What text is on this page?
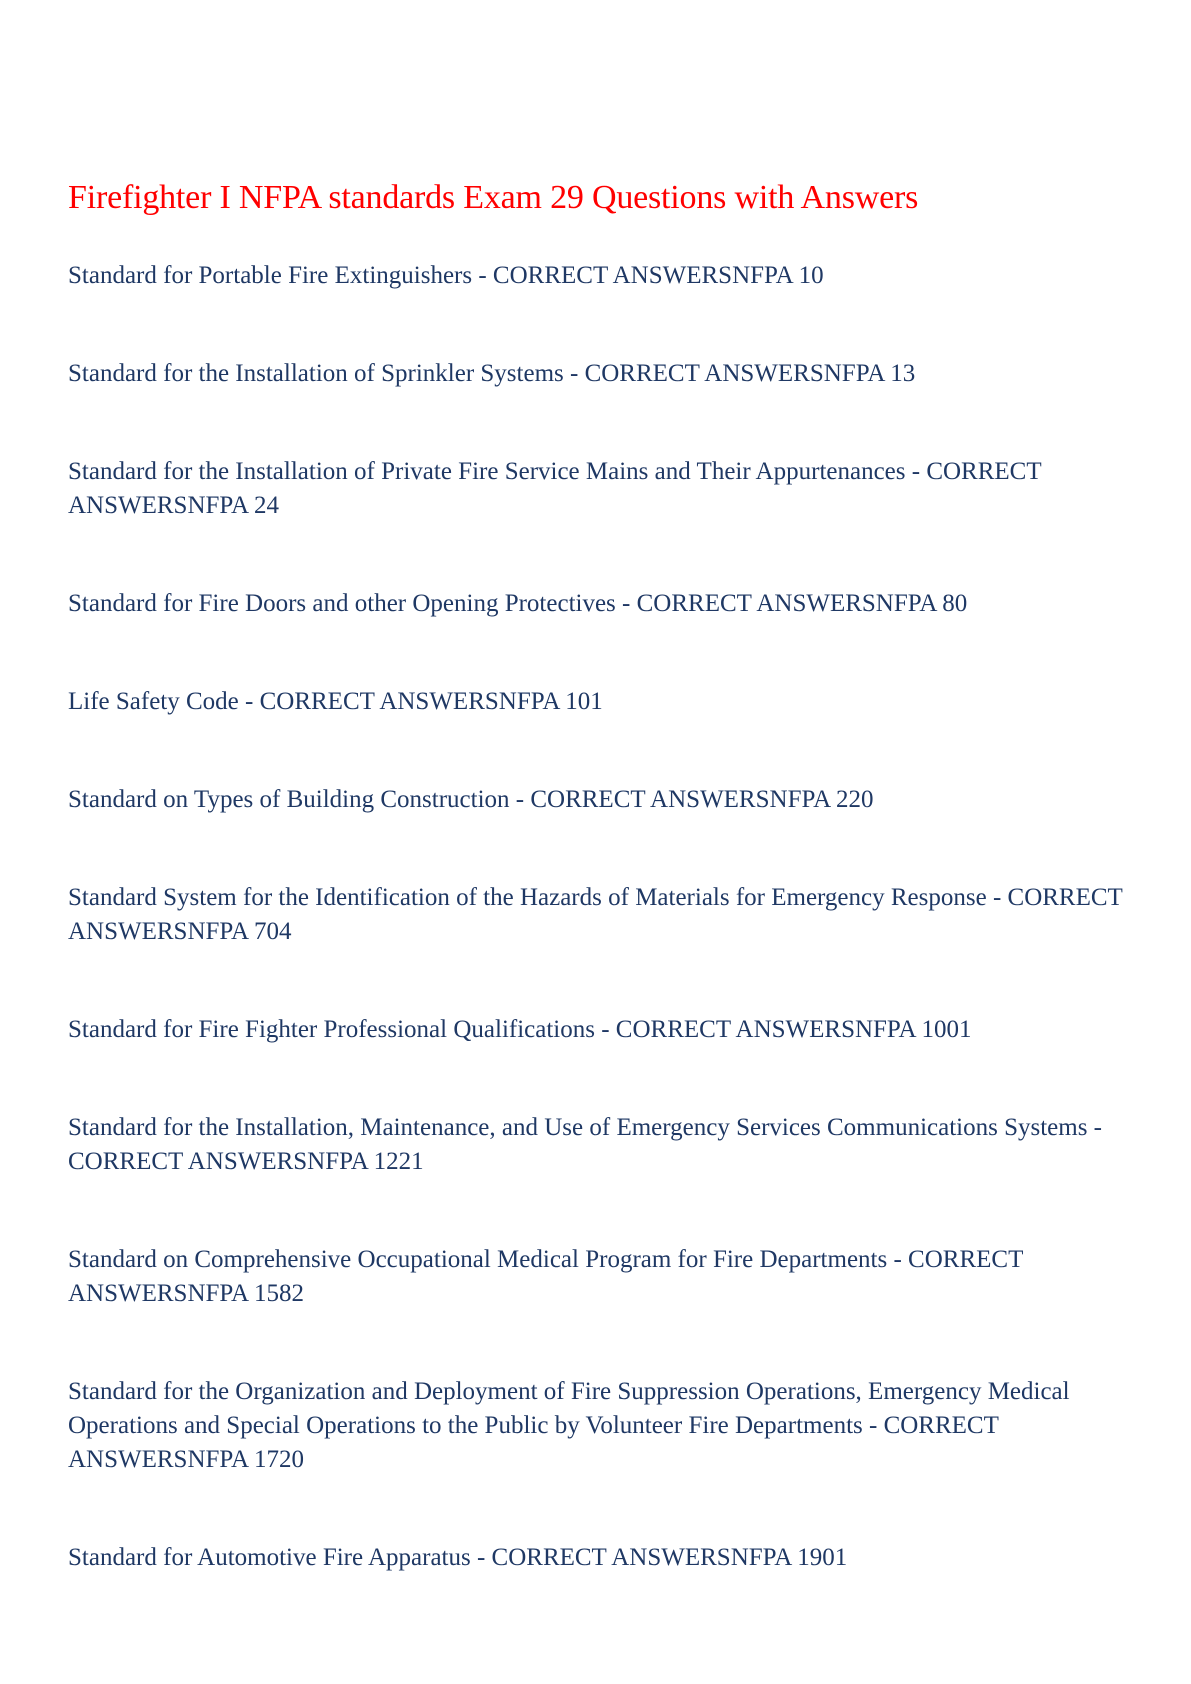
Firefighter I NFPA standards Exam 29 Questions with Answers
Standard for Portable Fire Extinguishers - CORRECT ANSWERSNFPA 10
Standard for the Installation of Sprinkler Systems - CORRECT ANSWERSNFPA 13
Standard for the Installation of Private Fire Service Mains and Their Appurtenances - CORRECT ANSWERSNFPA 24
Standard for Fire Doors and other Opening Protectives - CORRECT ANSWERSNFPA 80
Life Safety Code - CORRECT ANSWERSNFPA 101
Standard on Types of Building Construction - CORRECT ANSWERSNFPA 220
Standard System for the Identification of the Hazards of Materials for Emergency Response - CORRECT ANSWERSNFPA 704
Standard for Fire Fighter Professional Qualifications - CORRECT ANSWERSNFPA 1001
Standard for the Installation, Maintenance, and Use of Emergency Services Communications Systems - CORRECT ANSWERSNFPA 1221
Standard on Comprehensive Occupational Medical Program for Fire Departments - CORRECT ANSWERSNFPA 1582
Standard for the Organization and Deployment of Fire Suppression Operations, Emergency Medical Operations and Special Operations to the Public by Volunteer Fire Departments - CORRECT ANSWERSNFPA 1720
Standard for Automotive Fire Apparatus - CORRECT ANSWERSNFPA 1901
